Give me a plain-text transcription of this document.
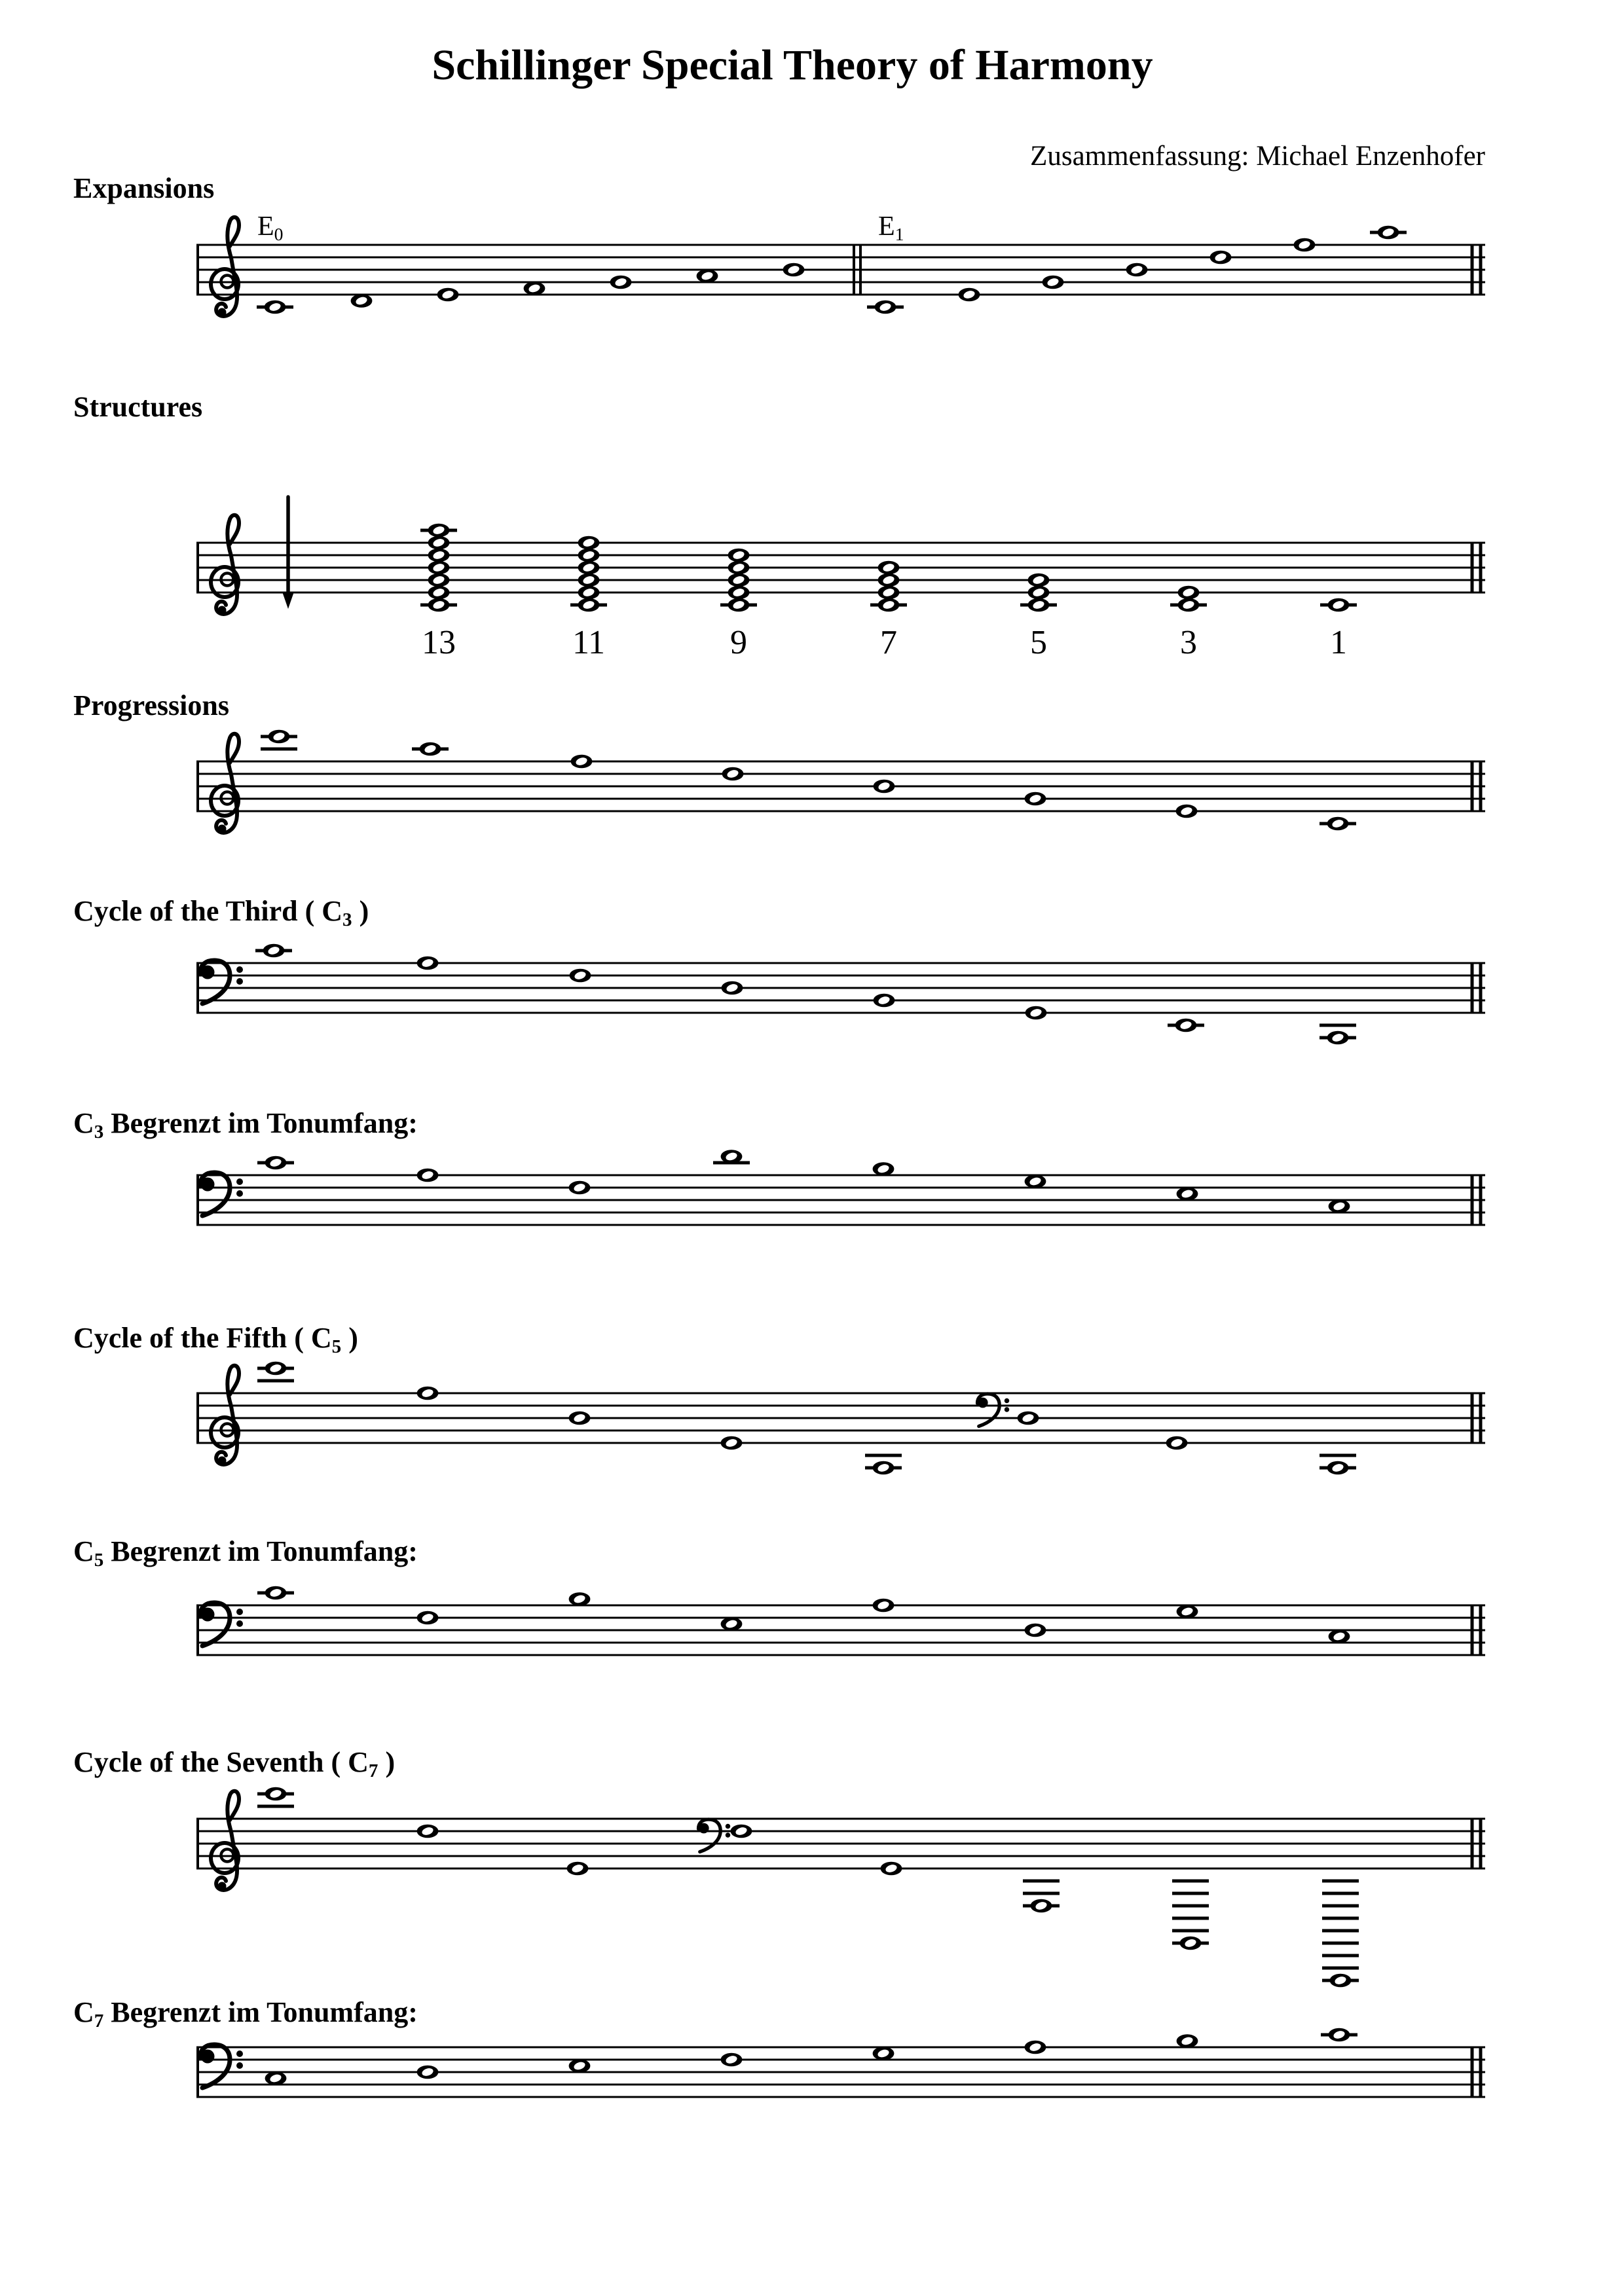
Schillinger Special Theory of Harmony
Zusammenfassung: Michael Enzenhofer
13	11	9	7	5	3	1
Expansions
Structures
Progressions
Cycle of the Third ( $C_3$ )
$C_3$ Begrenzt im Tonumfang:
Cycle of the Fifth ( $C_5$ )
$C_5$ Begrenzt im Tonumfang:
Cycle of the Seventh ( $C_7$ )
$C_7$ Begrenzt im Tonumfang:
$E_0$	$E_1$
